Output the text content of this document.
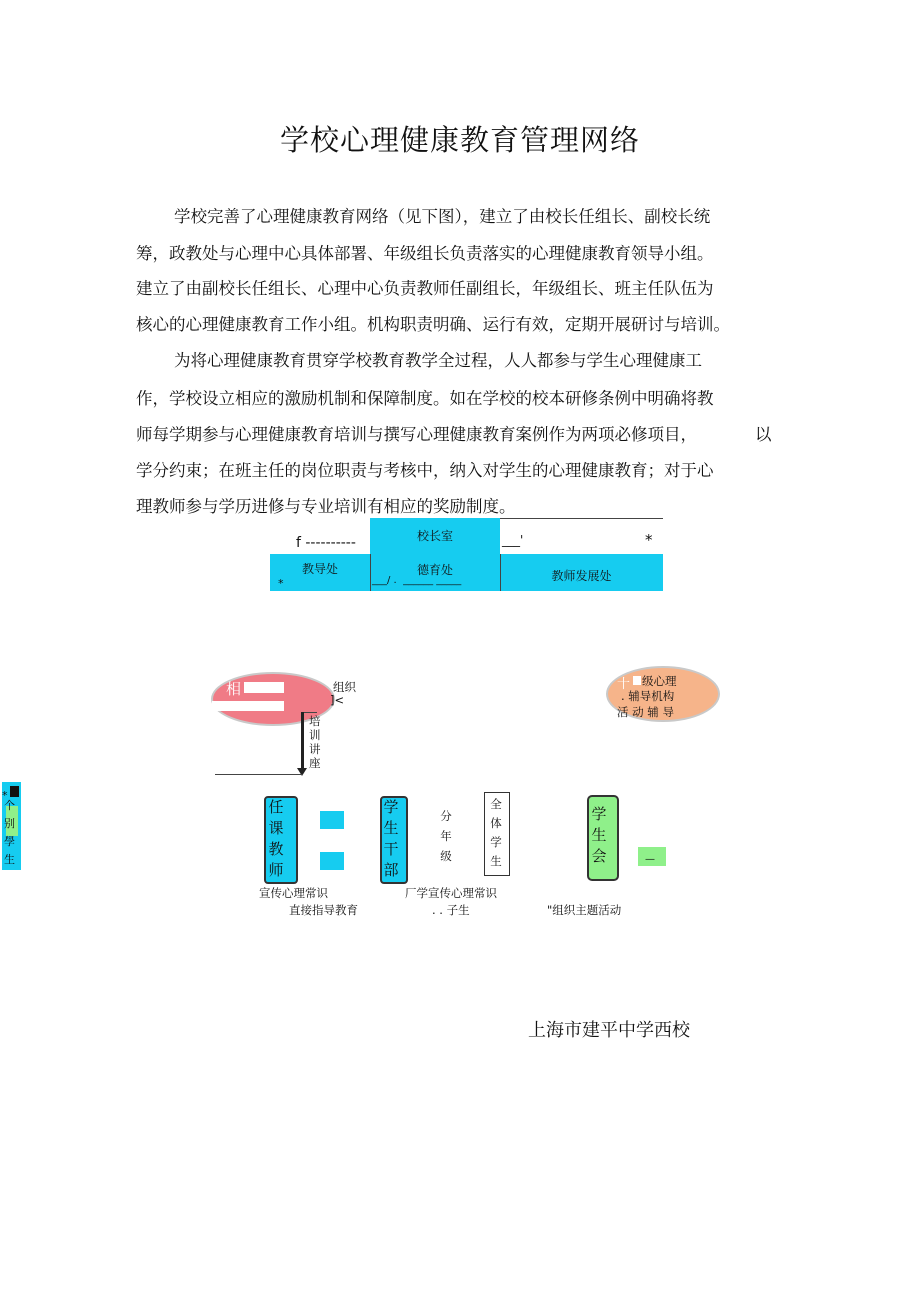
学校心理健康教育管理网络
学校完善了心理健康教育网络（见下图），建立了由校长任组长、副校长统
筹，政教处与心理中心具体部署、年级组长负责落实的心理健康教育领导小组。
建立了由副校长任组长、心理中心负责教师任副组长，年级组长、班主任队伍为
核心的心理健康教育工作小组。机构职责明确、运行有效，定期开展研讨与培训。
为将心理健康教育贯穿学校教育教学全过程，人人都参与学生心理健康工
作，学校设立相应的激励机制和保障制度。如在学校的校本研修条例中明确将教
师每学期参与心理健康教育培训与撰写心理健康教育案例作为两项必修项目，	以
学分约束；在班主任的岗位职责与考核中，纳入对学生的心理健康教育；对于心
理教师参与学历进修与专业培训有相应的奖励制度。
校长室
f ----------	___'	*
教导处
*
德育处	教师发展处
___/ .  ______ _____
相	组织
]<
培
训
讲
座
十 级心理
. 辅导机构
活 动 辅 导
*
个
别
學
生
任
课
教
师
学
生
干
部
分
年
级
全
体
学
生
学
生
会	—
宣传心理常识
直接指导教育
厂学宣传心理常识
. . 子生	"组织主题活动
上海市建平中学西校
